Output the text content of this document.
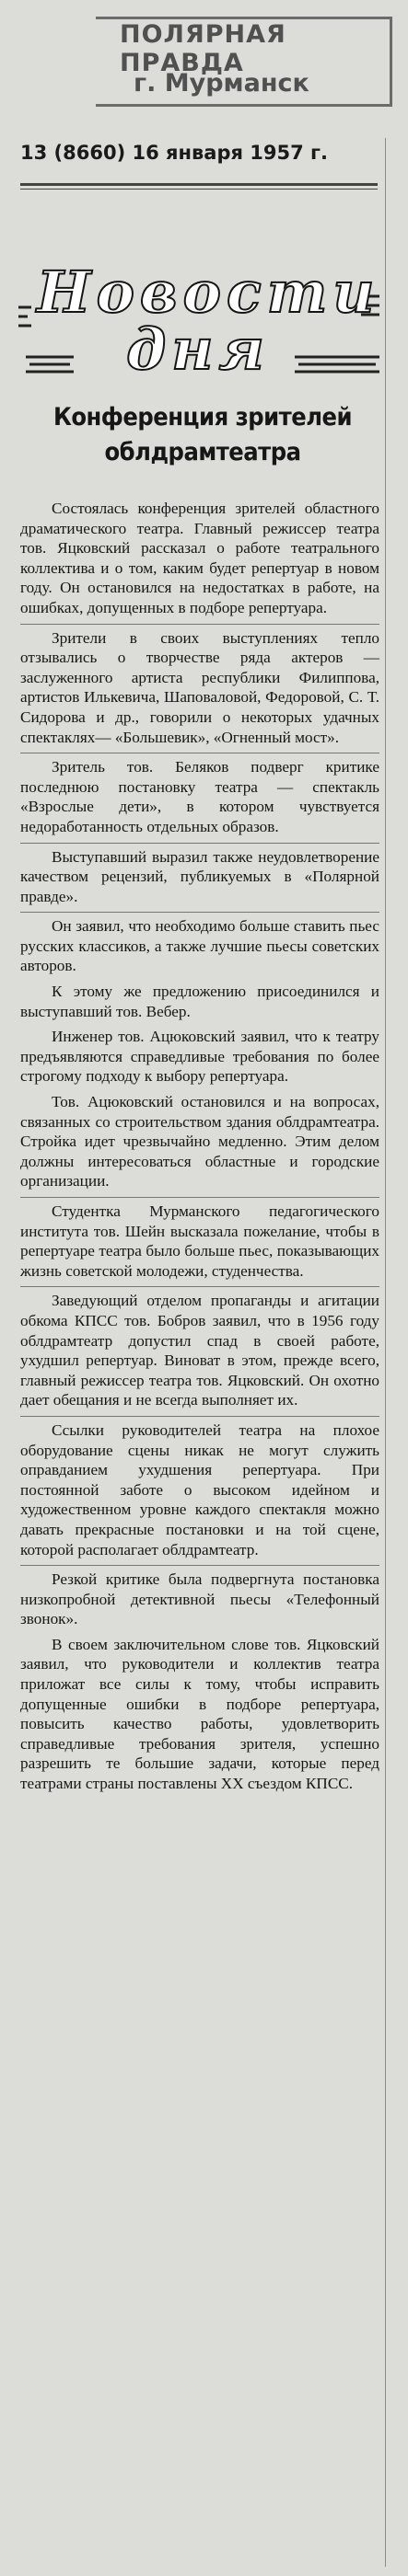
ПОЛЯРНАЯ ПРАВДА
г. Мурманск
13 (8660) 16 января 1957 г.
Новости
дня
Конференция зрителей
облдрамтеатра

Состоялась конференция зрителей областного драматического театра. Главный режиссер театра тов. Яцковский рассказал о работе театрального коллектива и о том, каким будет репертуар в новом году. Он остановился на недостатках в работе, на ошибках, допущенных в подборе репертуара.

Зрители в своих выступлениях тепло отзывались о творчестве ряда актеров — заслуженного артиста республики Филиппова, артистов Илькевича, Шаповаловой, Федоровой, С. Т. Сидорова и др., говорили о некоторых удачных спектаклях— «Большевик», «Огненный мост».

Зритель тов. Беляков подверг критике последнюю постановку театра — спектакль «Взрослые дети», в котором чувствуется недоработанность отдельных образов.

Выступавший выразил также неудовлетворение качеством рецензий, публикуемых в «Полярной правде».

Он заявил, что необходимо больше ставить пьес русских классиков, а также лучшие пьесы советских авторов.

К этому же предложению присоединился и выступавший тов. Вебер.

Инженер тов. Ацюковский заявил, что к театру предъявляются справедливые требования по более строгому подходу к выбору репертуара.

Тов. Ацюковский остановился и на вопросах, связанных со строительством здания облдрамтеатра. Стройка идет чрезвычайно медленно. Этим делом должны интересоваться областные и городские организации.

Студентка Мурманского педагогического института тов. Шейн высказала пожелание, чтобы в репертуаре театра было больше пьес, показывающих жизнь советской молодежи, студенчества.

Заведующий отделом пропаганды и агитации обкома КПСС тов. Бобров заявил, что в 1956 году облдрамтеатр допустил спад в своей работе, ухудшил репертуар. Виноват в этом, прежде всего, главный режиссер театра тов. Яцковский. Он охотно дает обещания и не всегда выполняет их.

Ссылки руководителей театра на плохое оборудование сцены никак не могут служить оправданием ухудшения репертуара. При постоянной заботе о высоком идейном и художественном уровне каждого спектакля можно давать прекрасные постановки и на той сцене, которой располагает облдрамтеатр.

Резкой критике была подвергнута постановка низкопробной детективной пьесы «Телефонный звонок».

В своем заключительном слове тов. Яцковский заявил, что руководители и коллектив театра приложат все силы к тому, чтобы исправить допущенные ошибки в подборе репертуара, повысить качество работы, удовлетворить справедливые требования зрителя, успешно разрешить те большие задачи, которые перед театрами страны поставлены XX съездом КПСС.
